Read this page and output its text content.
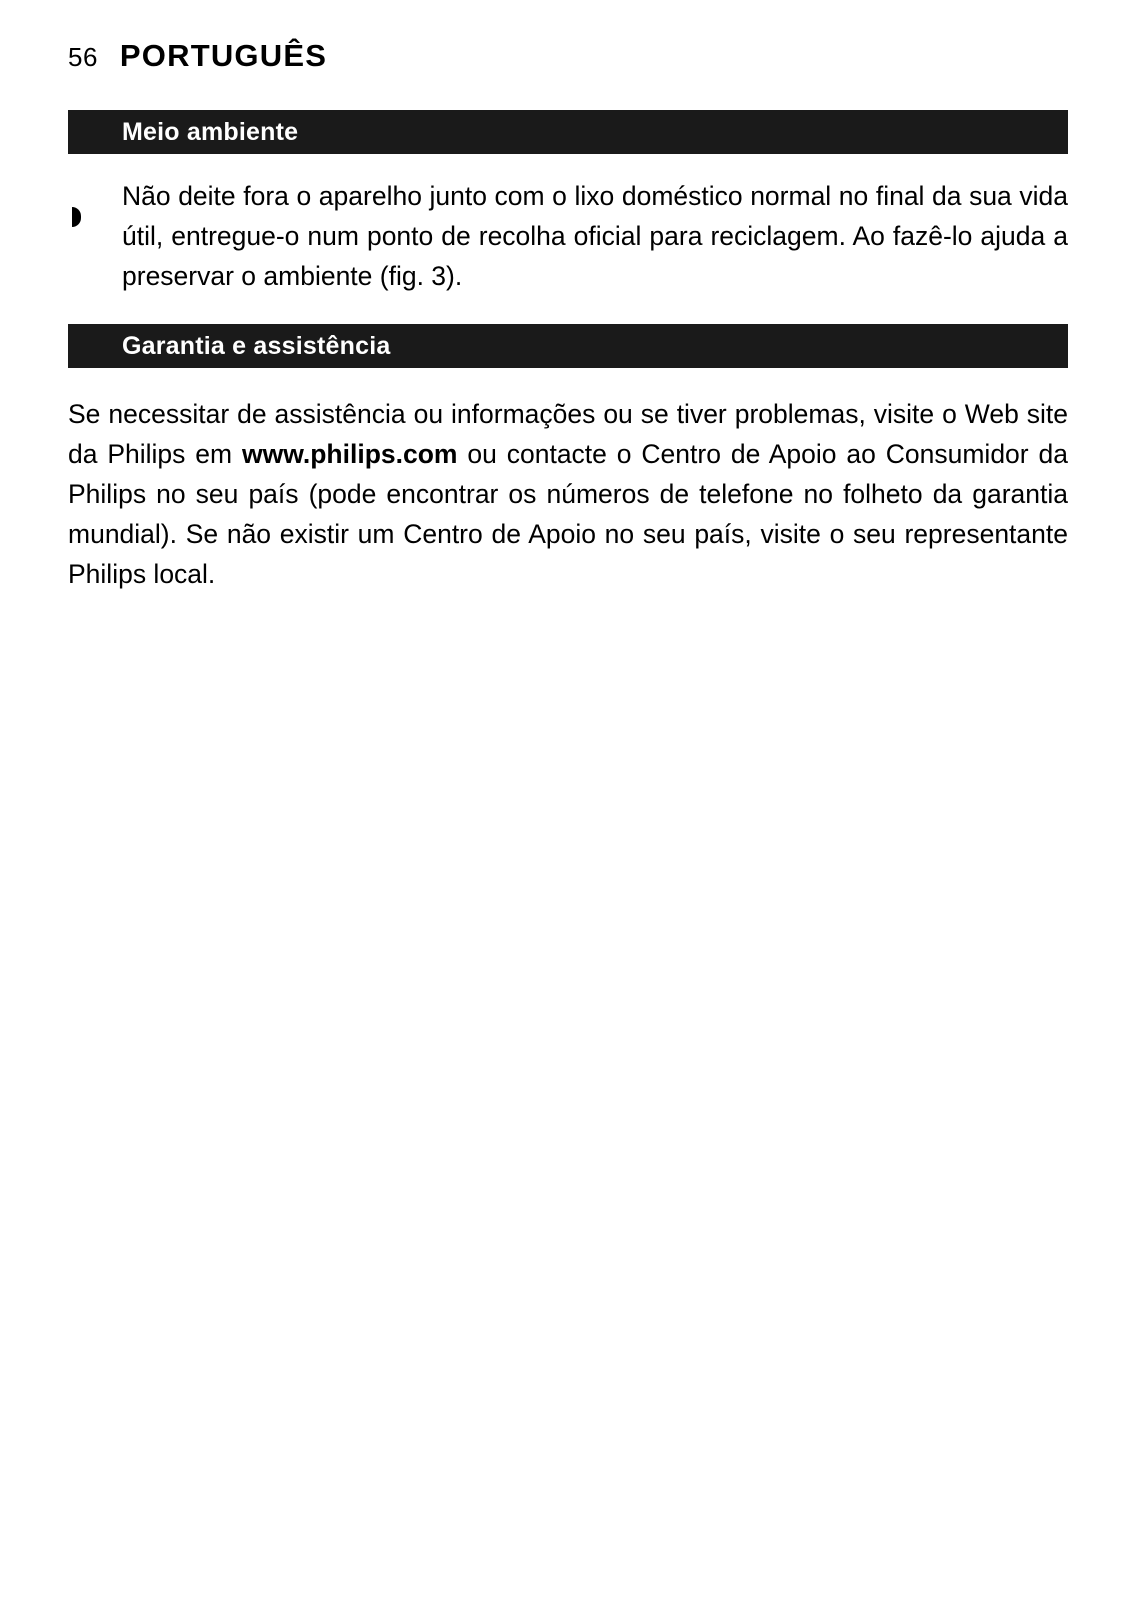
56 PORTUGUÊS
Meio ambiente
Não deite fora o aparelho junto com o lixo doméstico normal no final da sua vida útil, entregue-o num ponto de recolha oficial para reciclagem. Ao fazê-lo ajuda a preservar o ambiente (fig. 3).
Garantia e assistência

Se necessitar de assistência ou informações ou se tiver problemas, visite o Web site da Philips em www.philips.com ou contacte o Centro de Apoio ao Consumidor da Philips no seu país (pode encontrar os números de telefone no folheto da garantia mundial). Se não existir um Centro de Apoio no seu país, visite o seu representante Philips local.
